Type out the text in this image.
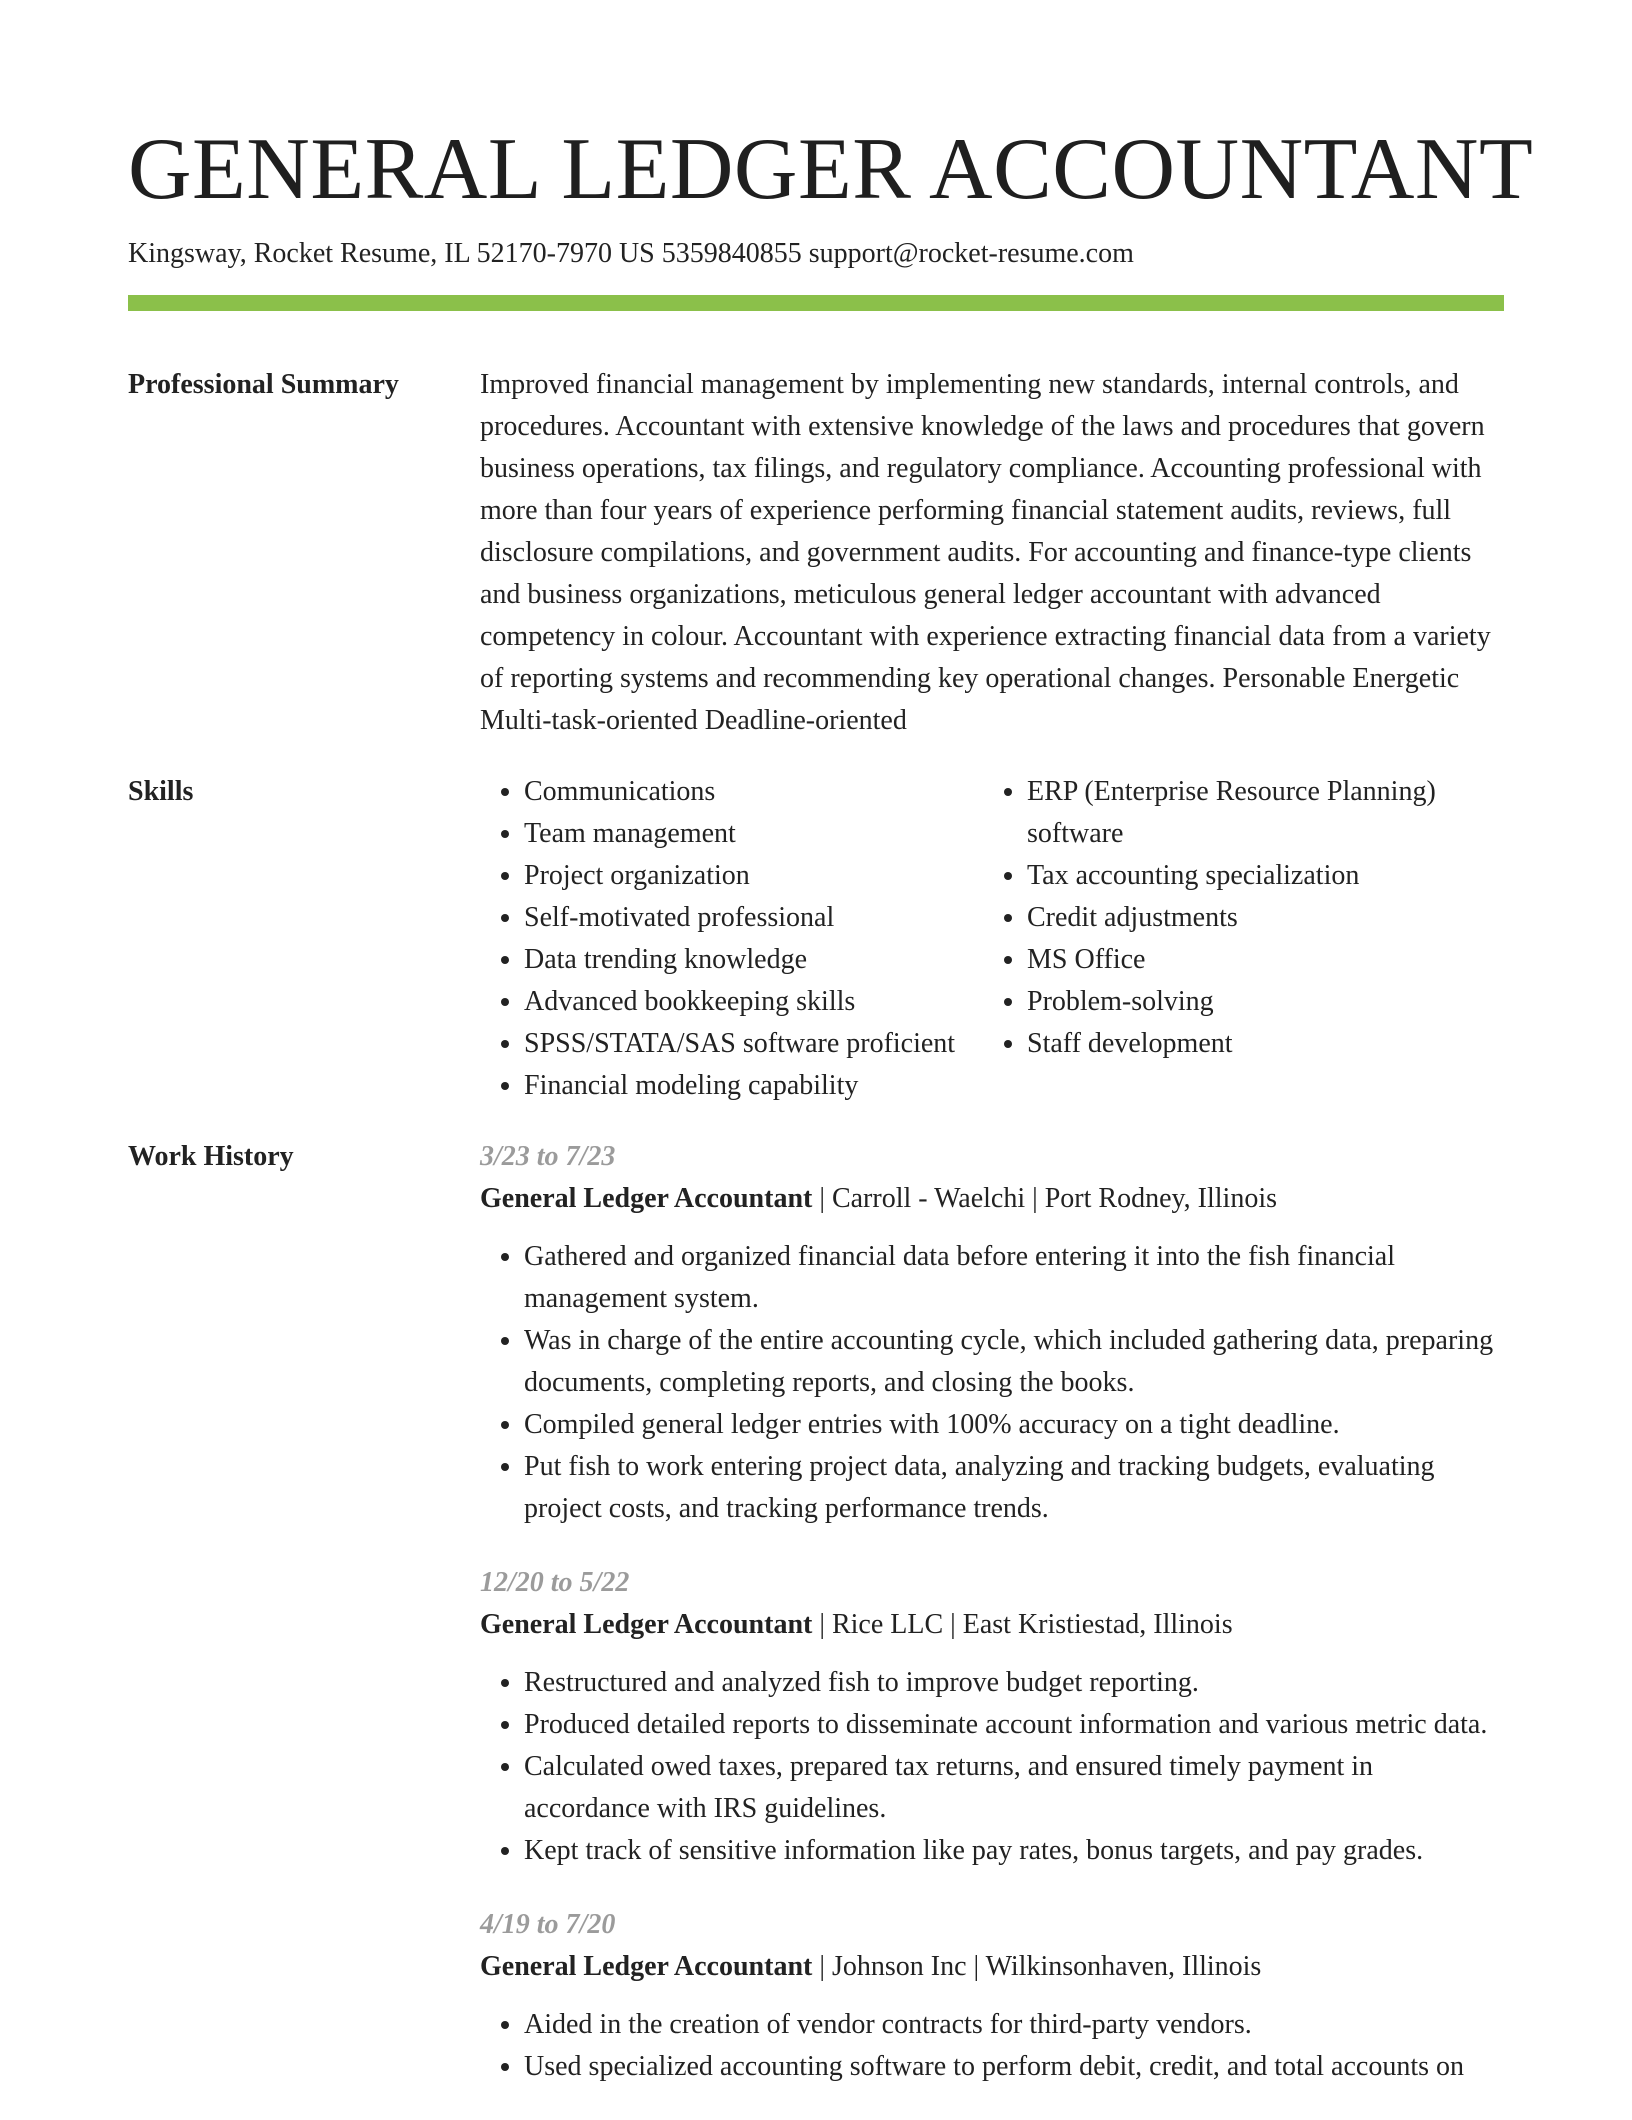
GENERAL LEDGER ACCOUNTANT
Kingsway, Rocket Resume, IL 52170-7970 US 5359840855 support@rocket-resume.com
Professional Summary	Improved financial management by implementing new standards, internal controls, and procedures. Accountant with extensive knowledge of the laws and procedures that govern business operations, tax filings, and regulatory compliance. Accounting professional with more than four years of experience performing financial statement audits, reviews, full disclosure compilations, and government audits. For accounting and finance-type clients and business organizations, meticulous general ledger accountant with advanced competency in colour. Accountant with experience extracting financial data from a variety of reporting systems and recommending key operational changes. Personable Energetic Multi-task-oriented Deadline-oriented

Skills
•	Communications
• Team management
• Project organization
• Self-motivated professional
• Data trending knowledge
• Advanced bookkeeping skills
• SPSS/STATA/SAS software proficient
• Financial modeling capability
• ERP (Enterprise Resource Planning) software
• Tax accounting specialization
• Credit adjustments
• MS Office
• Problem-solving
• Staff development
Work History	3/23 to 7/23
General Ledger Accountant | Carroll - Waelchi | Port Rodney, Illinois
• Gathered and organized financial data before entering it into the fish financial management system.
• Was in charge of the entire accounting cycle, which included gathering data, preparing documents, completing reports, and closing the books.
• Compiled general ledger entries with 100% accuracy on a tight deadline.
• Put fish to work entering project data, analyzing and tracking budgets, evaluating project costs, and tracking performance trends.
12/20 to 5/22
General Ledger Accountant | Rice LLC | East Kristiestad, Illinois
• Restructured and analyzed fish to improve budget reporting.
• Produced detailed reports to disseminate account information and various metric data.
• Calculated owed taxes, prepared tax returns, and ensured timely payment in accordance with IRS guidelines.
• Kept track of sensitive information like pay rates, bonus targets, and pay grades.
4/19 to 7/20
General Ledger Accountant | Johnson Inc | Wilkinsonhaven, Illinois
• Aided in the creation of vendor contracts for third-party vendors.
• Used specialized accounting software to perform debit, credit, and total accounts on
